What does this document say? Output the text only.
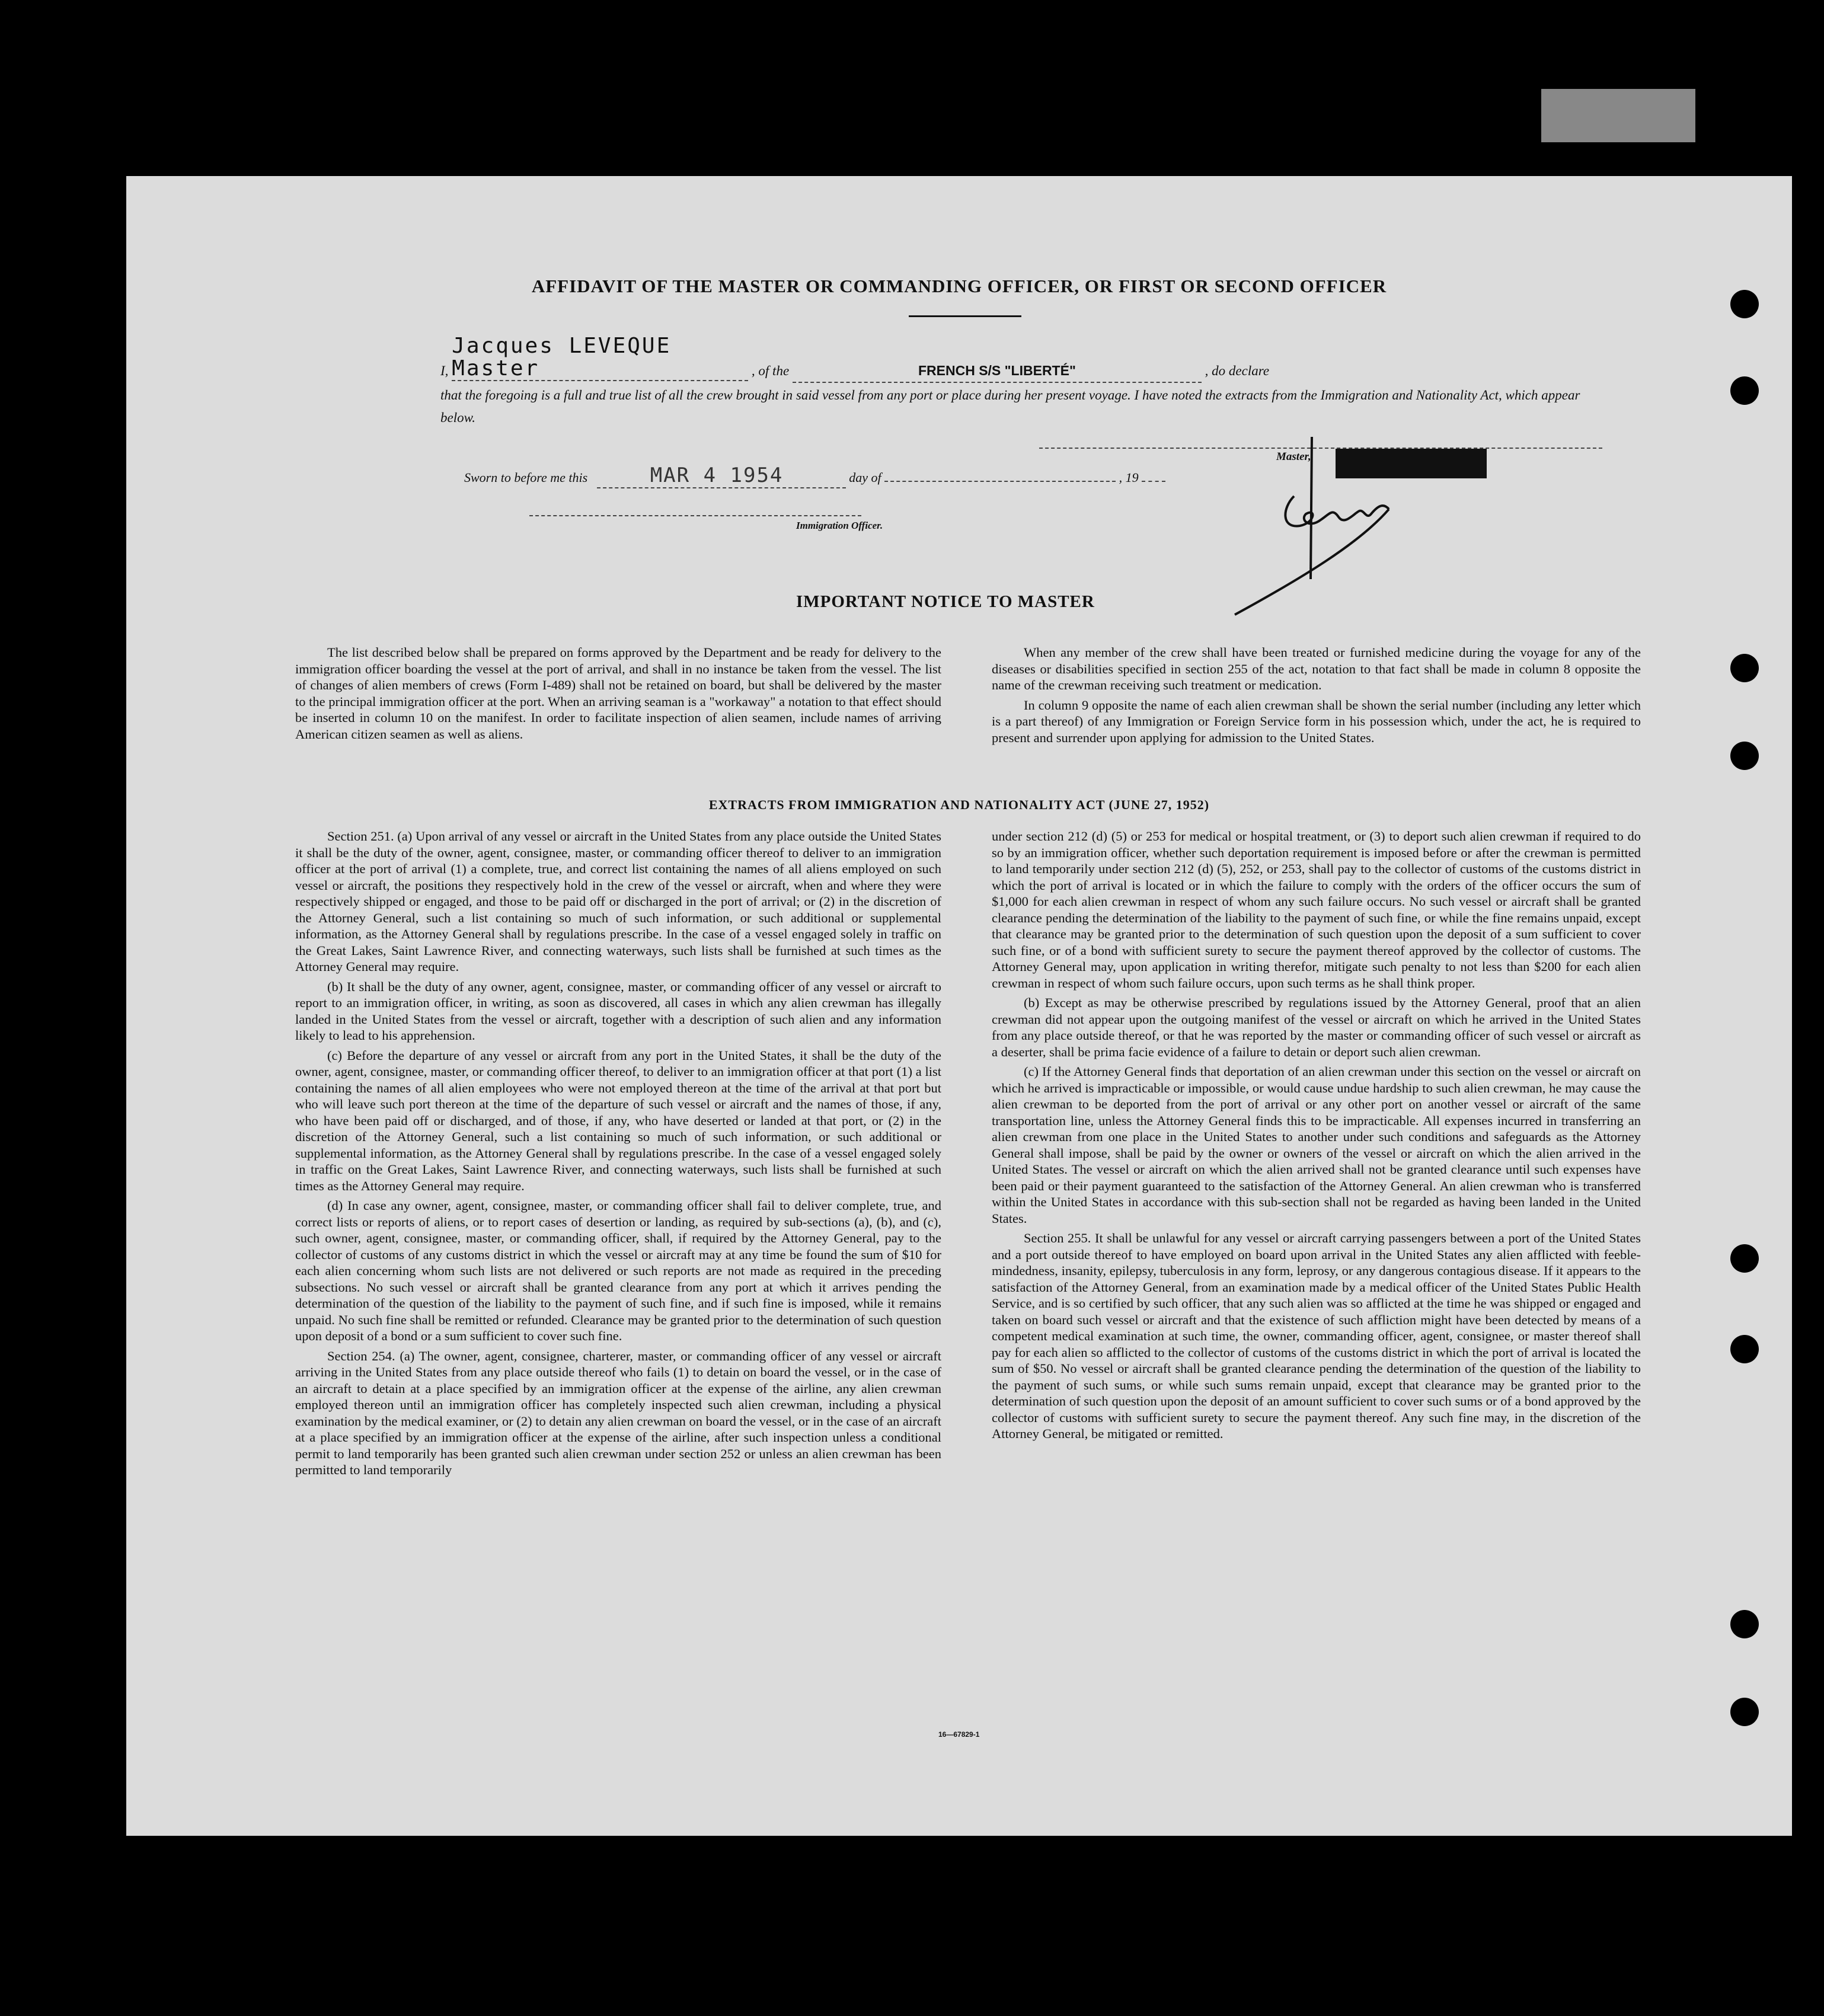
AFFIDAVIT OF THE MASTER OR COMMANDING OFFICER, OR FIRST OR SECOND OFFICER
I, Jacques LEVEQUE Master	, of the	FRENCH S/S "LIBERTÉ"	, do declare
that the foregoing is a full and true list of all the crew brought in said vessel from any port or place during her present voyage. I have noted the extracts from the Immigration and Nationality Act, which appear below.
Sworn to before me this	MAR 4 1954	day of	, 19
Master,
Immigration Officer.
IMPORTANT NOTICE TO MASTER

The list described below shall be prepared on forms approved by the Department and be ready for delivery to the immigration officer boarding the vessel at the port of arrival, and shall in no instance be taken from the vessel. The list of changes of alien members of crews (Form I-489) shall not be retained on board, but shall be delivered by the master to the principal immigration officer at the port. When an arriving seaman is a "workaway" a notation to that effect should be inserted in column 10 on the manifest. In order to facilitate inspection of alien seamen, include names of arriving American citizen seamen as well as aliens.

When any member of the crew shall have been treated or furnished medicine during the voyage for any of the diseases or disabilities specified in section 255 of the act, notation to that fact shall be made in column 8 opposite the name of the crewman receiving such treatment or medication.

In column 9 opposite the name of each alien crewman shall be shown the serial number (including any letter which is a part thereof) of any Immigration or Foreign Service form in his possession which, under the act, he is required to present and surrender upon applying for admission to the United States.

EXTRACTS FROM IMMIGRATION AND NATIONALITY ACT (JUNE 27, 1952)

Section 251. (a) Upon arrival of any vessel or aircraft in the United States from any place outside the United States it shall be the duty of the owner, agent, consignee, master, or commanding officer thereof to deliver to an immigration officer at the port of arrival (1) a complete, true, and correct list containing the names of all aliens employed on such vessel or aircraft, the positions they respectively hold in the crew of the vessel or aircraft, when and where they were respectively shipped or engaged, and those to be paid off or discharged in the port of arrival; or (2) in the discretion of the Attorney General, such a list containing so much of such information, or such additional or supplemental information, as the Attorney General shall by regulations prescribe. In the case of a vessel engaged solely in traffic on the Great Lakes, Saint Lawrence River, and connecting waterways, such lists shall be furnished at such times as the Attorney General may require.

(b) It shall be the duty of any owner, agent, consignee, master, or commanding officer of any vessel or aircraft to report to an immigration officer, in writing, as soon as discovered, all cases in which any alien crewman has illegally landed in the United States from the vessel or aircraft, together with a description of such alien and any information likely to lead to his apprehension.

(c) Before the departure of any vessel or aircraft from any port in the United States, it shall be the duty of the owner, agent, consignee, master, or commanding officer thereof, to deliver to an immigration officer at that port (1) a list containing the names of all alien employees who were not employed thereon at the time of the arrival at that port but who will leave such port thereon at the time of the departure of such vessel or aircraft and the names of those, if any, who have been paid off or discharged, and of those, if any, who have deserted or landed at that port, or (2) in the discretion of the Attorney General, such a list containing so much of such information, or such additional or supplemental information, as the Attorney General shall by regulations prescribe. In the case of a vessel engaged solely in traffic on the Great Lakes, Saint Lawrence River, and connecting waterways, such lists shall be furnished at such times as the Attorney General may require.

(d) In case any owner, agent, consignee, master, or commanding officer shall fail to deliver complete, true, and correct lists or reports of aliens, or to report cases of desertion or landing, as required by sub-sections (a), (b), and (c), such owner, agent, consignee, master, or commanding officer, shall, if required by the Attorney General, pay to the collector of customs of any customs district in which the vessel or aircraft may at any time be found the sum of $10 for each alien concerning whom such lists are not delivered or such reports are not made as required in the preceding subsections. No such vessel or aircraft shall be granted clearance from any port at which it arrives pending the determination of the question of the liability to the payment of such fine, and if such fine is imposed, while it remains unpaid. No such fine shall be remitted or refunded. Clearance may be granted prior to the determination of such question upon deposit of a bond or a sum sufficient to cover such fine.

Section 254. (a) The owner, agent, consignee, charterer, master, or commanding officer of any vessel or aircraft arriving in the United States from any place outside thereof who fails (1) to detain on board the vessel, or in the case of an aircraft to detain at a place specified by an immigration officer at the expense of the airline, any alien crewman employed thereon until an immigration officer has completely inspected such alien crewman, including a physical examination by the medical examiner, or (2) to detain any alien crewman on board the vessel, or in the case of an aircraft at a place specified by an immigration officer at the expense of the airline, after such inspection unless a conditional permit to land temporarily has been granted such alien crewman under section 252 or unless an alien crewman has been permitted to land temporarily

under section 212 (d) (5) or 253 for medical or hospital treatment, or (3) to deport such alien crewman if required to do so by an immigration officer, whether such deportation requirement is imposed before or after the crewman is permitted to land temporarily under section 212 (d) (5), 252, or 253, shall pay to the collector of customs of the customs district in which the port of arrival is located or in which the failure to comply with the orders of the officer occurs the sum of $1,000 for each alien crewman in respect of whom any such failure occurs. No such vessel or aircraft shall be granted clearance pending the determination of the liability to the payment of such fine, or while the fine remains unpaid, except that clearance may be granted prior to the determination of such question upon the deposit of a sum sufficient to cover such fine, or of a bond with sufficient surety to secure the payment thereof approved by the collector of customs. The Attorney General may, upon application in writing therefor, mitigate such penalty to not less than $200 for each alien crewman in respect of whom such failure occurs, upon such terms as he shall think proper.

(b) Except as may be otherwise prescribed by regulations issued by the Attorney General, proof that an alien crewman did not appear upon the outgoing manifest of the vessel or aircraft on which he arrived in the United States from any place outside thereof, or that he was reported by the master or commanding officer of such vessel or aircraft as a deserter, shall be prima facie evidence of a failure to detain or deport such alien crewman.

(c) If the Attorney General finds that deportation of an alien crewman under this section on the vessel or aircraft on which he arrived is impracticable or impossible, or would cause undue hardship to such alien crewman, he may cause the alien crewman to be deported from the port of arrival or any other port on another vessel or aircraft of the same transportation line, unless the Attorney General finds this to be impracticable. All expenses incurred in transferring an alien crewman from one place in the United States to another under such conditions and safeguards as the Attorney General shall impose, shall be paid by the owner or owners of the vessel or aircraft on which the alien arrived in the United States. The vessel or aircraft on which the alien arrived shall not be granted clearance until such expenses have been paid or their payment guaranteed to the satisfaction of the Attorney General. An alien crewman who is transferred within the United States in accordance with this sub-section shall not be regarded as having been landed in the United States.

Section 255. It shall be unlawful for any vessel or aircraft carrying passengers between a port of the United States and a port outside thereof to have employed on board upon arrival in the United States any alien afflicted with feeble-mindedness, insanity, epilepsy, tuberculosis in any form, leprosy, or any dangerous contagious disease. If it appears to the satisfaction of the Attorney General, from an examination made by a medical officer of the United States Public Health Service, and is so certified by such officer, that any such alien was so afflicted at the time he was shipped or engaged and taken on board such vessel or aircraft and that the existence of such affliction might have been detected by means of a competent medical examination at such time, the owner, commanding officer, agent, consignee, or master thereof shall pay for each alien so afflicted to the collector of customs of the customs district in which the port of arrival is located the sum of $50. No vessel or aircraft shall be granted clearance pending the determination of the question of the liability to the payment of such sums, or while such sums remain unpaid, except that clearance may be granted prior to the determination of such question upon the deposit of an amount sufficient to cover such sums or of a bond approved by the collector of customs with sufficient surety to secure the payment thereof. Any such fine may, in the discretion of the Attorney General, be mitigated or remitted.

16—67829-1
